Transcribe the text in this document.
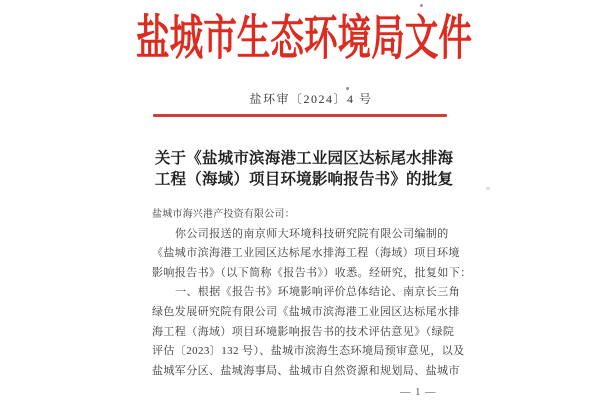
盐城市生态环境局文件
盐环审〔2024〕4 号
关于《盐城市滨海港工业园区达标尾水排海
工程（海域）项目环境影响报告书》的批复
盐城市海兴港产投资有限公司：
你公司报送的南京师大环境科技研究院有限公司编制的
《盐城市滨海港工业园区达标尾水排海工程（海域）项目环境
影响报告书》（以下简称《报告书》）收悉。经研究，批复如下：
一、根据《报告书》环境影响评价总体结论、南京长三角
绿色发展研究院有限公司《盐城市滨海港工业园区达标尾水排
海工程（海域）项目环境影响报告书的技术评估意见》（绿院
评估〔2023〕132 号）、盐城市滨海生态环境局预审意见，以及
盐城军分区、盐城海事局、盐城市自然资源和规划局、盐城市
— 1 —
